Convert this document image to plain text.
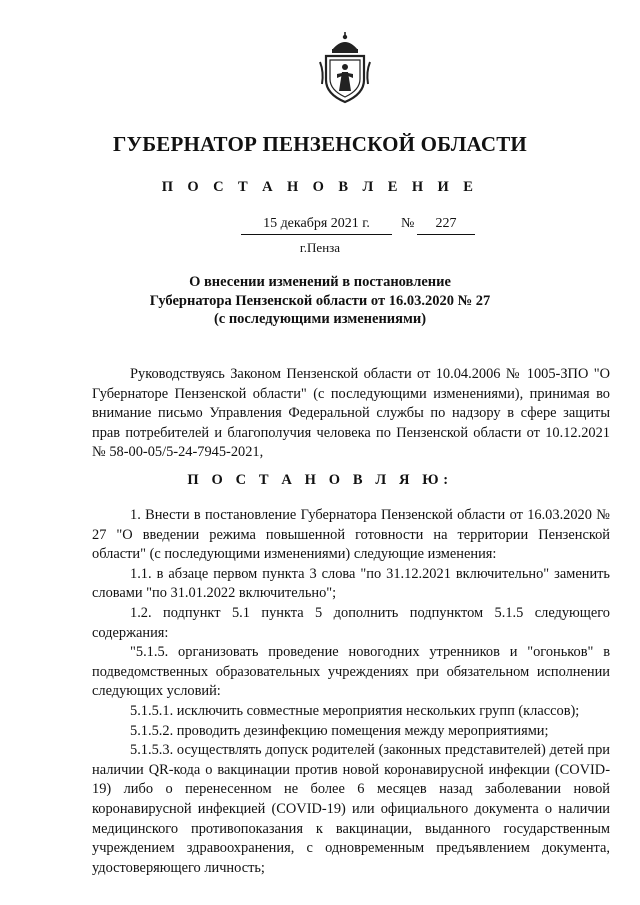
ГУБЕРНАТОР ПЕНЗЕНСКОЙ ОБЛАСТИ
П О С Т А Н О В Л Е Н И Е
15 декабря 2021 г.	№	227
г.Пенза
О внесении изменений в постановление
Губернатора Пензенской области от 16.03.2020 № 27
(с последующими изменениями)

Руководствуясь Законом Пензенской области от 10.04.2006 № 1005-ЗПО "О Губернаторе Пензенской области" (с последующими изменениями), принимая во внимание письмо Управления Федеральной службы по надзору в сфере защиты прав потребителей и благополучия человека по Пензенской области от 10.12.2021 № 58-00-05/5-24-7945-2021,

П О С Т А Н О В Л Я Ю:

1. Внести в постановление Губернатора Пензенской области от 16.03.2020 № 27 "О введении режима повышенной готовности на территории Пензенской области" (с последующими изменениями) следующие изменения:

1.1. в абзаце первом пункта 3 слова "по 31.12.2021 включительно" заменить словами "по 31.01.2022 включительно";

1.2. подпункт 5.1 пункта 5 дополнить подпунктом 5.1.5 следующего содержания:

"5.1.5. организовать проведение новогодних утренников и "огоньков" в подведомственных образовательных учреждениях при обязательном исполнении следующих условий:

5.1.5.1. исключить совместные мероприятия нескольких групп (классов);

5.1.5.2. проводить дезинфекцию помещения между мероприятиями;

5.1.5.3. осуществлять допуск родителей (законных представителей) детей при наличии QR-кода о вакцинации против новой коронавирусной инфекции (COVID-19) либо о перенесенном не более 6 месяцев назад заболевании новой коронавирусной инфекцией (COVID-19) или официального документа о наличии медицинского противопоказания к вакцинации, выданного государственным учреждением здравоохранения, с одновременным предъявлением документа, удостоверяющего личность;
